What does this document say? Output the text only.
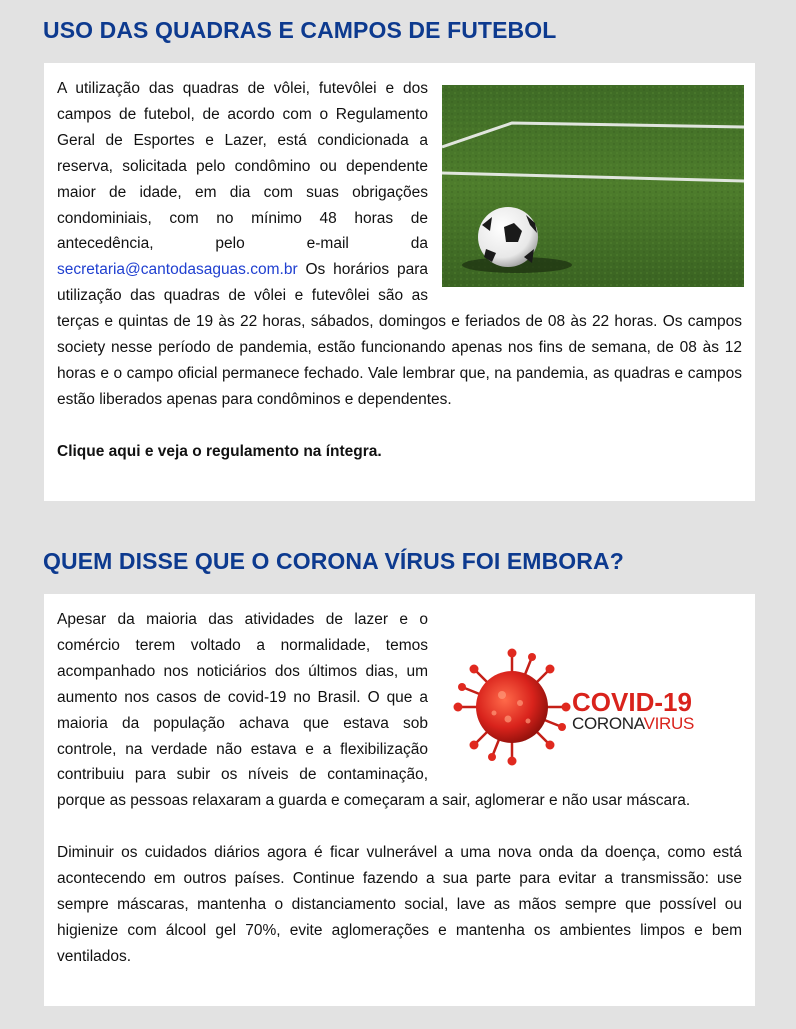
USO DAS QUADRAS E CAMPOS DE FUTEBOL

A utilização das quadras de vôlei, futevôlei e dos campos de futebol, de acordo com o Regulamento Geral de Esportes e Lazer, está condicionada a reserva, solicitada pelo condômino ou dependente maior de idade, em dia com suas obrigações condominiais, com no mínimo 48 horas de antecedência, pelo e-mail da secretaria@cantodasaguas.com.br Os horários para utilização das quadras de vôlei e futevôlei são as terças e quintas de 19 às 22 horas, sábados, domingos e feriados de 08 às 22 horas. Os campos society nesse período de pandemia, estão funcionando apenas nos fins de semana, de 08 às 12 horas e o campo oficial permanece fechado. Vale lembrar que, na pandemia, as quadras e campos estão liberados apenas para condôminos e dependentes.

Clique aqui e veja o regulamento na íntegra.

QUEM DISSE QUE O CORONA VÍRUS FOI EMBORA?
COVID-19
CORONAVIRUS

Apesar da maioria das atividades de lazer e o comércio terem voltado a normalidade, temos acompanhado nos noticiários dos últimos dias, um aumento nos casos de covid-19 no Brasil. O que a maioria da população achava que estava sob controle, na verdade não estava e a flexibilização contribuiu para subir os níveis de contaminação, porque as pessoas relaxaram a guarda e começaram a sair, aglomerar e não usar máscara.

Diminuir os cuidados diários agora é ficar vulnerável a uma nova onda da doença, como está acontecendo em outros países. Continue fazendo a sua parte para evitar a transmissão: use sempre máscaras, mantenha o distanciamento social, lave as mãos sempre que possível ou higienize com álcool gel 70%, evite aglomerações e mantenha os ambientes limpos e bem ventilados.
